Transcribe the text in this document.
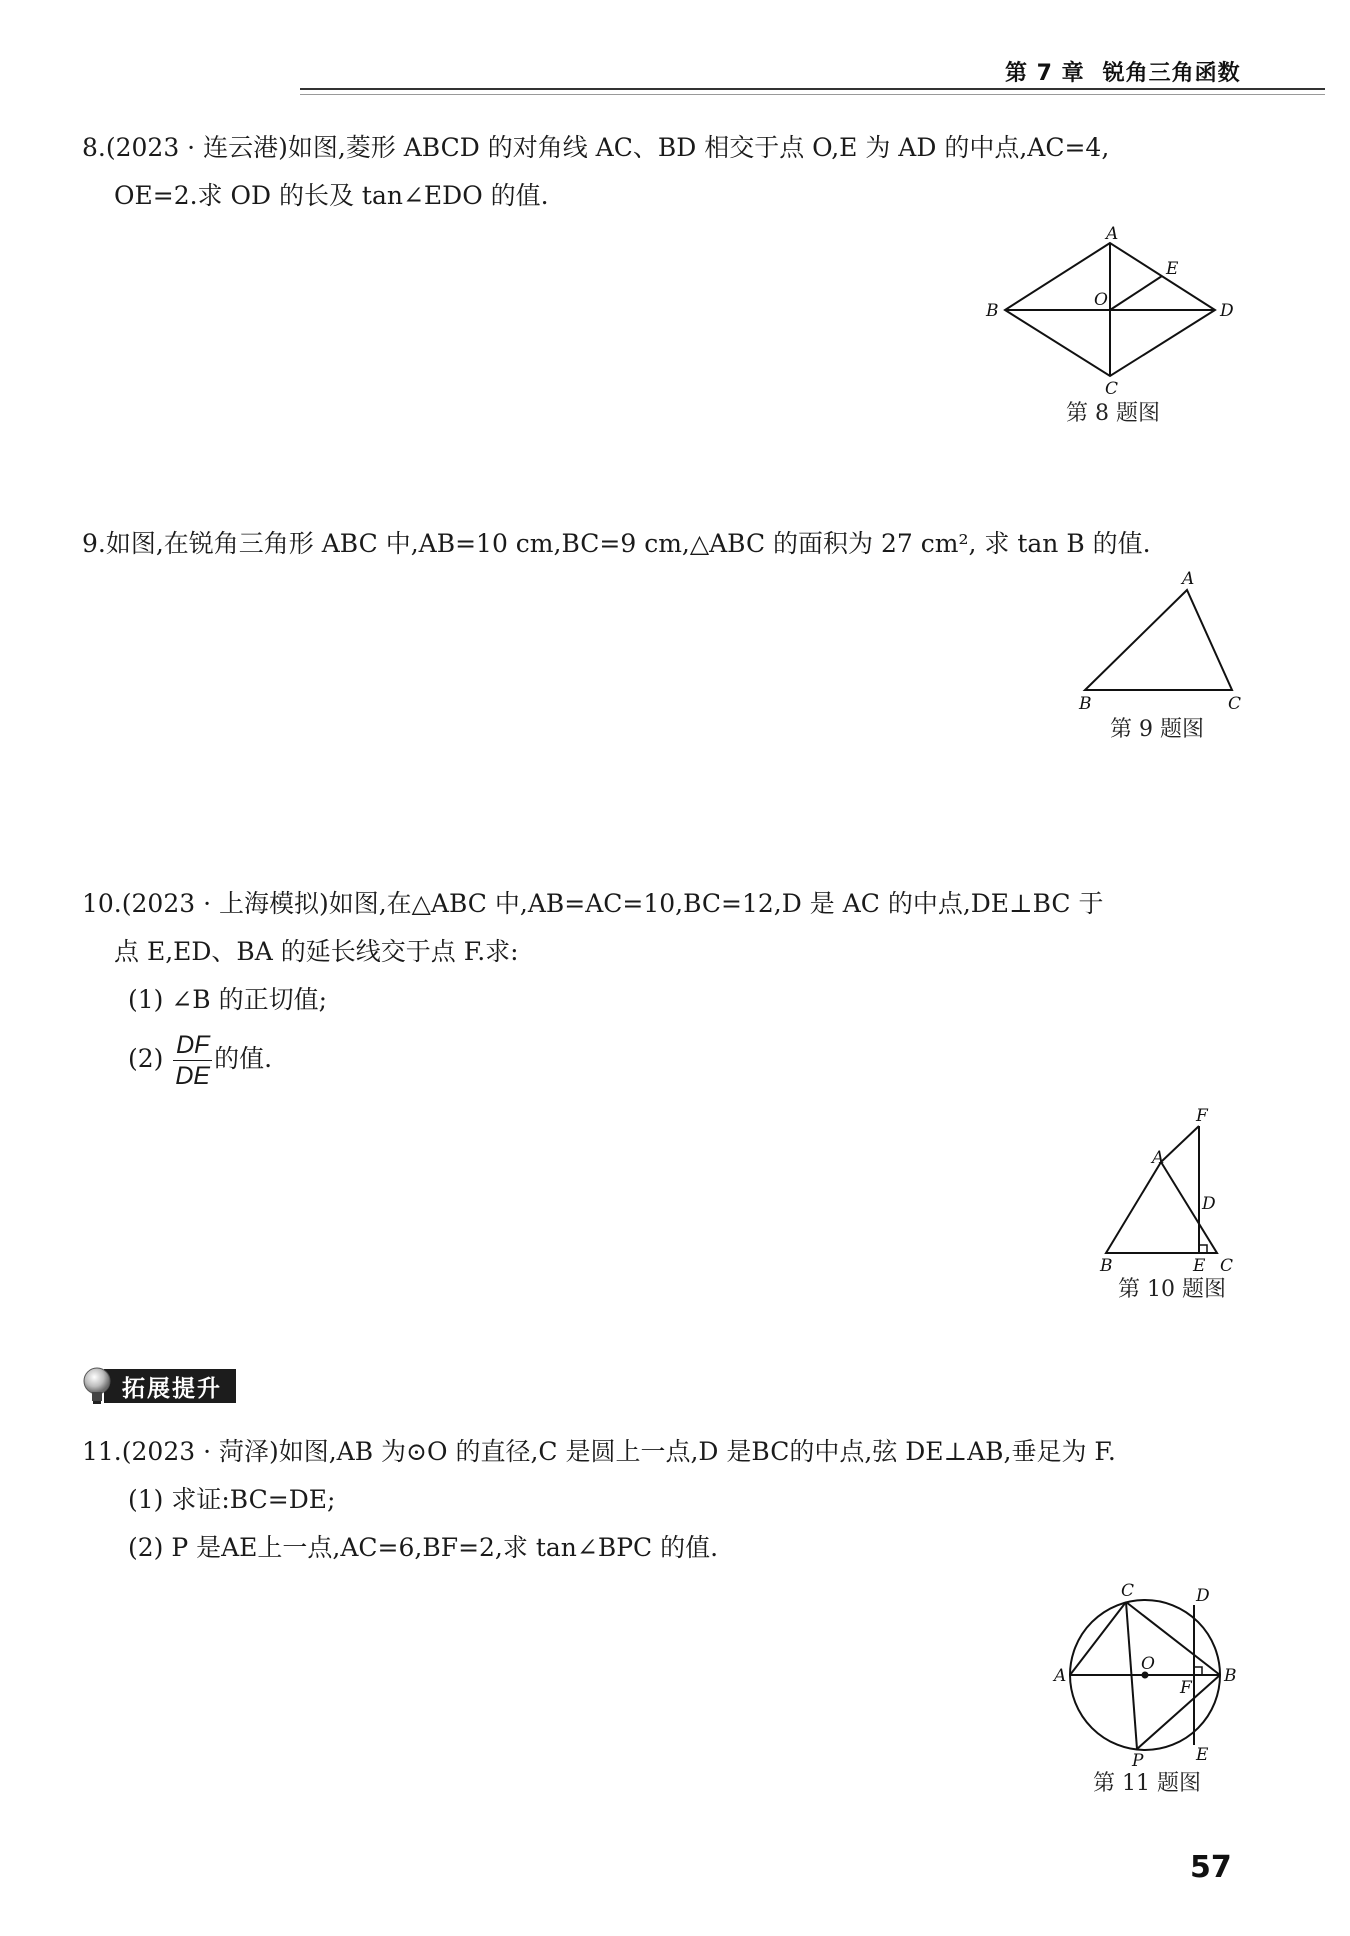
第 7 章 锐角三角函数
8.(2023 · 连云港)如图,菱形 ABCD 的对角线 AC、BD 相交于点 O,E 为 AD 的中点,AC=4,
OE=2.求 OD 的长及 tan∠EDO 的值.
A
B
C
D
E
O
第 8 题图
9.如图,在锐角三角形 ABC 中,AB=10 cm,BC=9 cm,△ABC 的面积为 27 cm², 求 tan B 的值.
A
B	C
第 9 题图
10.(2023 · 上海模拟)如图,在△ABC 中,AB=AC=10,BC=12,D 是 AC 的中点,DE⊥BC 于
点 E,ED、BA 的延长线交于点 F.求:
(1) ∠B 的正切值;
$(2) \frac{DF}{DE}$ 的值.
F
A
D
B	E C
第 10 题图
拓展提升
11.(2023 · 菏泽)如图,AB 为⊙O 的直径,C 是圆上一点,D 是BC的中点,弦 DE⊥AB,垂足为 F.
(1) 求证:BC=DE;
(2) P 是AE上一点,AC=6,BF=2,求 tan∠BPC 的值.
C	D
A	B
O
F
P	E
第 11 题图
57
